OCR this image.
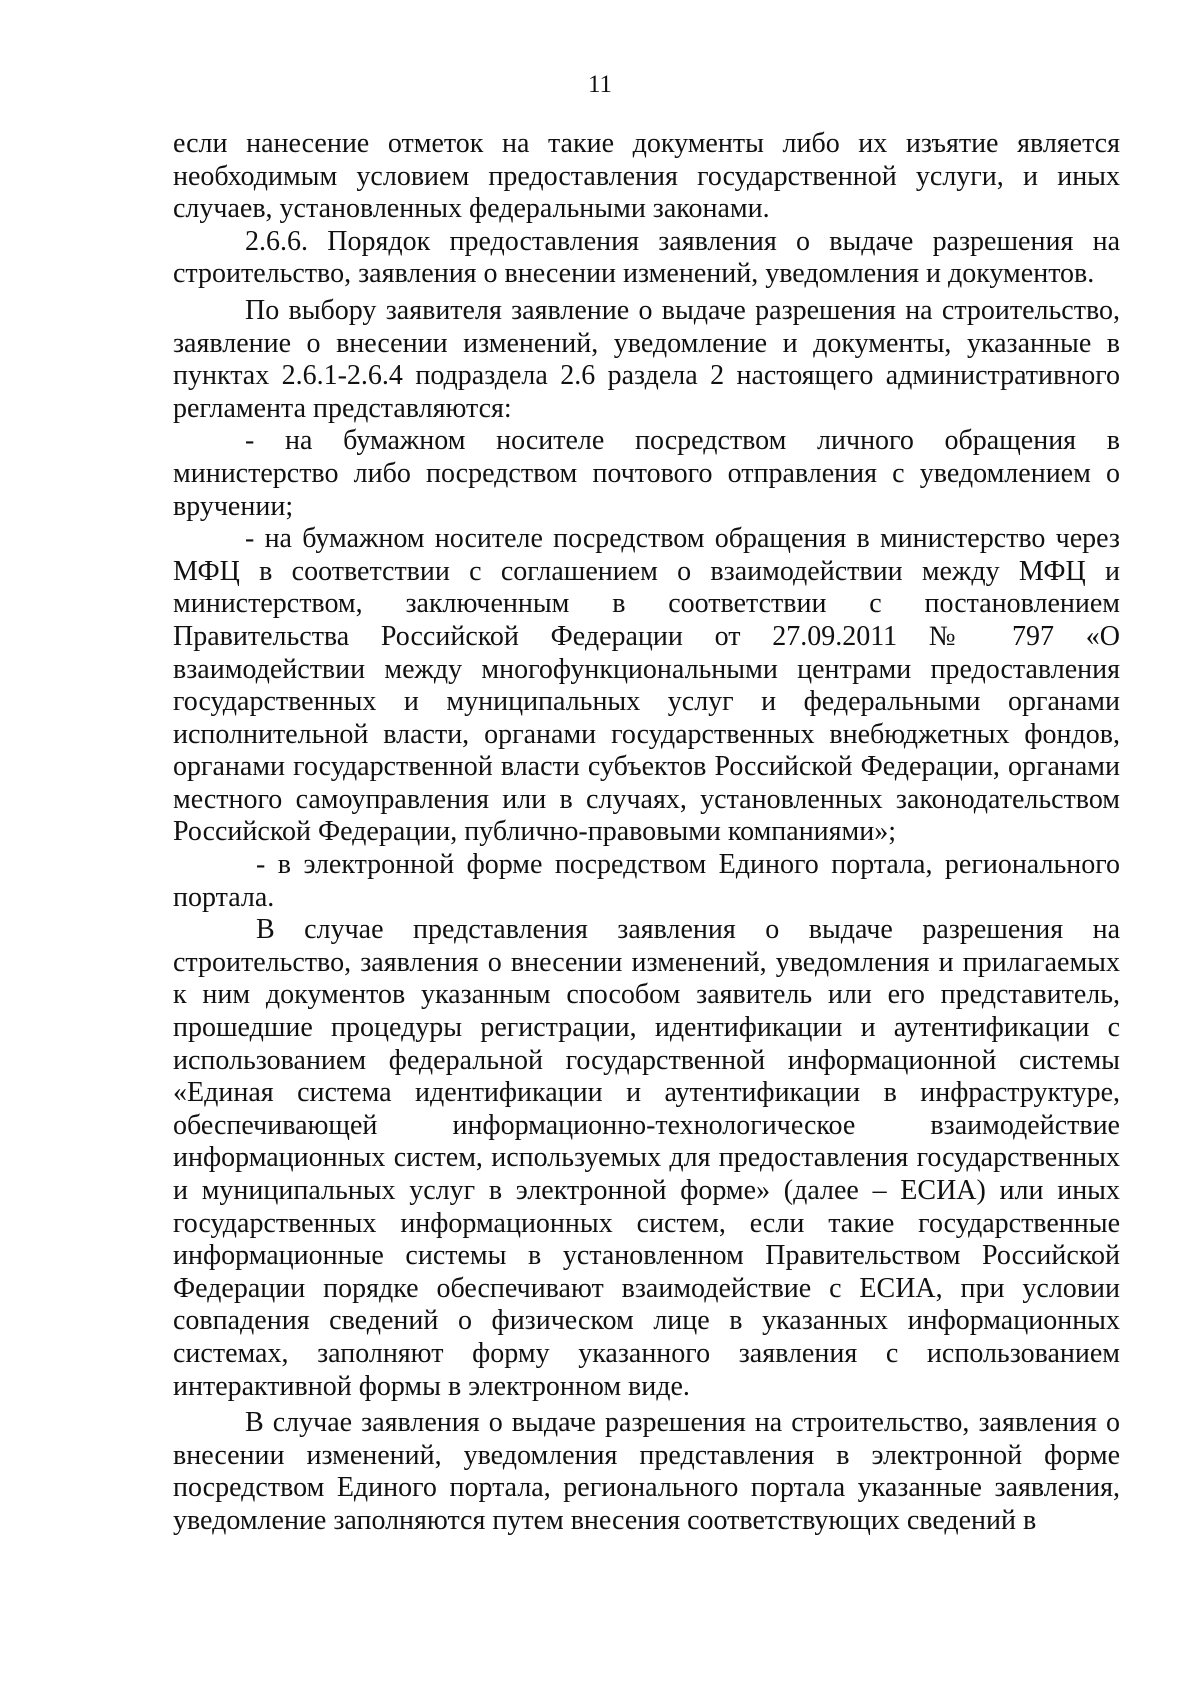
11

если нанесение отметок на такие документы либо их изъятие является необходимым условием предоставления государственной услуги, и иных случаев, установленных федеральными законами.

2.6.6. Порядок предоставления заявления о выдаче разрешения на строительство, заявления о внесении изменений, уведомления и документов.

По выбору заявителя заявление о выдаче разрешения на строительство, заявление о внесении изменений, уведомление и документы, указанные в пунктах 2.6.1-2.6.4 подраздела 2.6 раздела 2 настоящего административного регламента представляются:

- на бумажном носителе посредством личного обращения в министерство либо посредством почтового отправления с уведомлением о вручении;

- на бумажном носителе посредством обращения в министерство через МФЦ в соответствии с соглашением о взаимодействии между МФЦ и министерством, заключенным в соответствии с постановлением Правительства Российской Федерации от 27.09.2011 № 797 «О взаимодействии между многофункциональными центрами предоставления государственных и муниципальных услуг и федеральными органами исполнительной власти, органами государственных внебюджетных фондов, органами государственной власти субъектов Российской Федерации, органами местного самоуправления или в случаях, установленных законодательством Российской Федерации, публично-правовыми компаниями»;

- в электронной форме посредством Единого портала, регионального портала.

В случае представления заявления о выдаче разрешения на строительство, заявления о внесении изменений, уведомления и прилагаемых к ним документов указанным способом заявитель или его представитель, прошедшие процедуры регистрации, идентификации и аутентификации с использованием федеральной государственной информационной системы «Единая система идентификации и аутентификации в инфраструктуре, обеспечивающей информационно-технологическое взаимодействие информационных систем, используемых для предоставления государственных и муниципальных услуг в электронной форме» (далее – ЕСИА) или иных государственных информационных систем, если такие государственные информационные системы в установленном Правительством Российской Федерации порядке обеспечивают взаимодействие с ЕСИА, при условии совпадения сведений о физическом лице в указанных информационных системах, заполняют форму указанного заявления с использованием интерактивной формы в электронном виде.

В случае заявления о выдаче разрешения на строительство, заявления о внесении изменений, уведомления представления в электронной форме посредством Единого портала, регионального портала указанные заявления, уведомление заполняются путем внесения соответствующих сведений в
